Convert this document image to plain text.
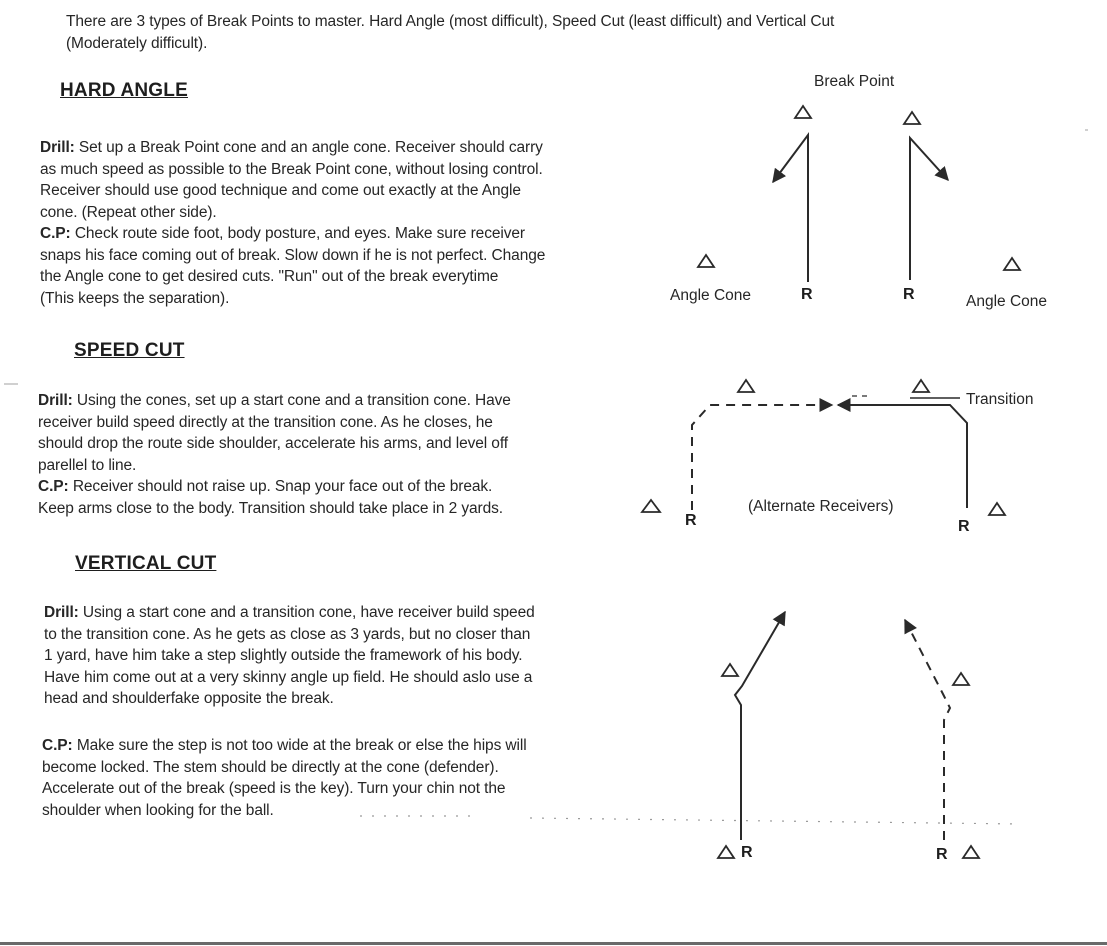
There are 3 types of Break Points to master. Hard Angle (most difficult), Speed Cut (least difficult) and Vertical Cut
(Moderately difficult).
HARD ANGLE
Drill: Set up a Break Point cone and an angle cone. Receiver should carry
as much speed as possible to the Break Point cone, without losing control.
Receiver should use good technique and come out exactly at the Angle
cone. (Repeat other side).
C.P: Check route side foot, body posture, and eyes. Make sure receiver
snaps his face coming out of break. Slow down if he is not perfect. Change
the Angle cone to get desired cuts. "Run" out of the break everytime
(This keeps the separation).
Break Point
Angle Cone	R	R	Angle Cone
SPEED CUT
Drill: Using the cones, set up a start cone and a transition cone. Have
receiver build speed directly at the transition cone. As he closes, he
should drop the route side shoulder, accelerate his arms, and level off
parellel to line.
C.P: Receiver should not raise up. Snap your face out of the break.
Keep arms close to the body. Transition should take place in 2 yards.
Transition
(Alternate Receivers)
R	R
VERTICAL CUT
Drill: Using a start cone and a transition cone, have receiver build speed
to the transition cone. As he gets as close as 3 yards, but no closer than
1 yard, have him take a step slightly outside the framework of his body.
Have him come out at a very skinny angle up field. He should aslo use a
head and shoulderfake opposite the break.
C.P: Make sure the step is not too wide at the break or else the hips will
become locked. The stem should be directly at the cone (defender).
Accelerate out of the break (speed is the key). Turn your chin not the
shoulder when looking for the ball.
R	R
